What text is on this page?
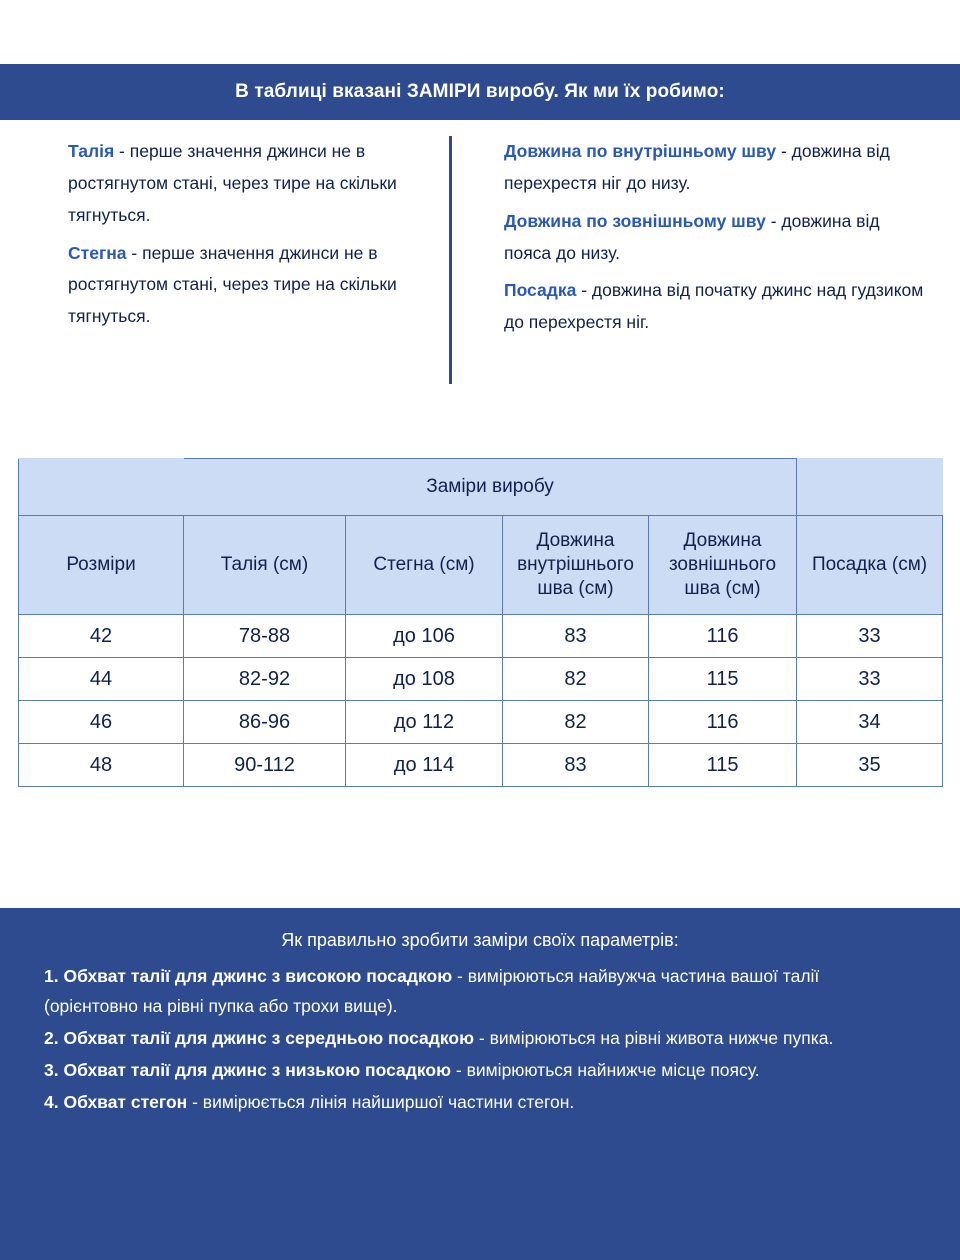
В таблиці вказані ЗАМІРИ виробу. Як ми їх робимо:

Талія - перше значення джинси не в ростягнутом стані, через тире на скільки тягнуться.

Стегна - перше значення джинси не в ростягнутом стані, через тире на скільки тягнуться.

Довжина по внутрішньому шву - довжина від перехрестя ніг до низу.

Довжина по зовнішньому шву - довжина від пояса до низу.

Посадка - довжина від початку джинс над гудзиком до перехрестя ніг.

	Заміри виробу				
Розміри	Талія (см)	Стегна (см)	Довжина внутрішнього шва (см)	Довжина зовнішнього шва (см)	Посадка (см)
42	78-88	до 106	83	116	33
44	82-92	до 108	82	115	33
46	86-96	до 112	82	116	34
48	90-112	до 114	83	115	35
Як правильно зробити заміри своїх параметрів:
1. Обхват талії для джинс з високою посадкою - вимірюються найвужча частина вашої талії (орієнтовно на рівні пупка або трохи вище).
2. Обхват талії для джинс з середньою посадкою - вимірюються на рівні живота нижче пупка.
3. Обхват талії для джинс з низькою посадкою - вимірюються найнижче місце поясу.
4. Обхват стегон - вимірюється лінія найширшої частини стегон.
